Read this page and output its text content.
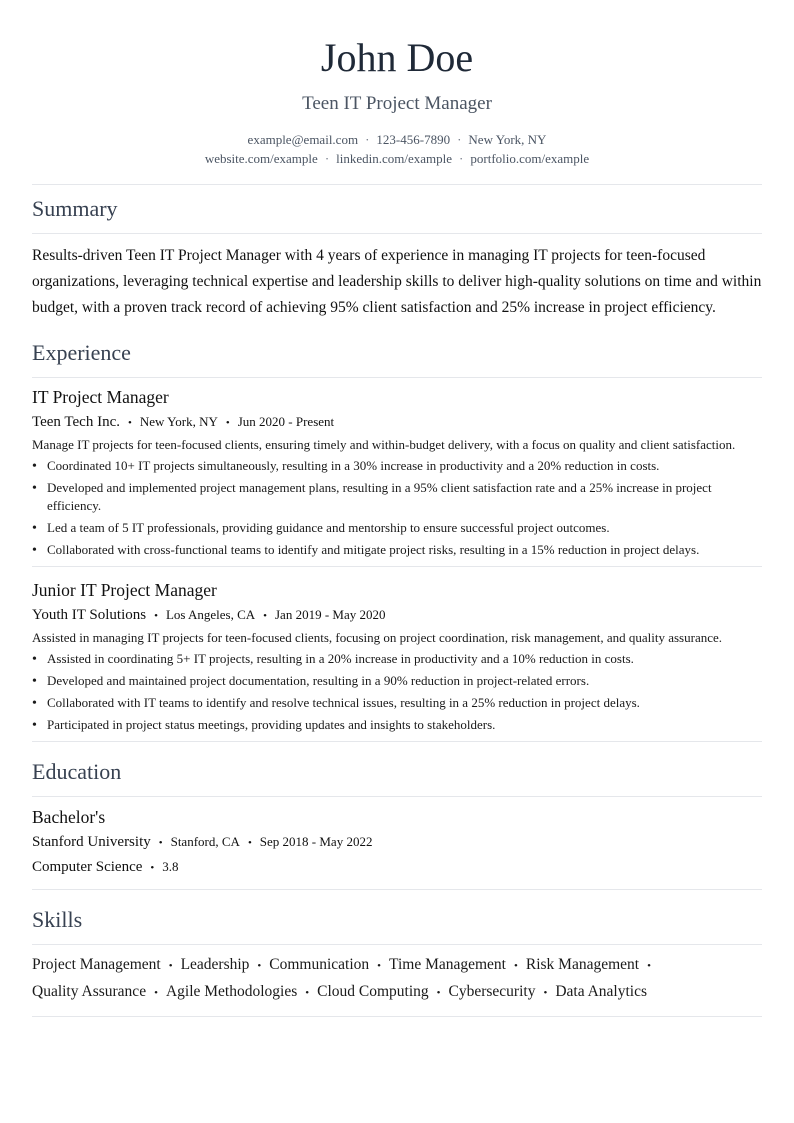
John Doe
Teen IT Project Manager
example@email.com · 123-456-7890 · New York, NY
website.com/example · linkedin.com/example · portfolio.com/example
Summary

Results-driven Teen IT Project Manager with 4 years of experience in managing IT projects for teen-focused organizations, leveraging technical expertise and leadership skills to deliver high-quality solutions on time and within budget, with a proven track record of achieving 95% client satisfaction and 25% increase in project efficiency.

Experience
IT Project Manager
Teen Tech Inc. • New York, NY • Jun 2020 - Present
Manage IT projects for teen-focused clients, ensuring timely and within-budget delivery, with a focus on quality and client satisfaction.
• Coordinated 10+ IT projects simultaneously, resulting in a 30% increase in productivity and a 20% reduction in costs.
• Developed and implemented project management plans, resulting in a 95% client satisfaction rate and a 25% increase in project efficiency.
• Led a team of 5 IT professionals, providing guidance and mentorship to ensure successful project outcomes.
• Collaborated with cross-functional teams to identify and mitigate project risks, resulting in a 15% reduction in project delays.
Junior IT Project Manager
Youth IT Solutions • Los Angeles, CA • Jan 2019 - May 2020
Assisted in managing IT projects for teen-focused clients, focusing on project coordination, risk management, and quality assurance.
• Assisted in coordinating 5+ IT projects, resulting in a 20% increase in productivity and a 10% reduction in costs.
• Developed and maintained project documentation, resulting in a 90% reduction in project-related errors.
• Collaborated with IT teams to identify and resolve technical issues, resulting in a 25% reduction in project delays.
• Participated in project status meetings, providing updates and insights to stakeholders.
Education
Bachelor's
Stanford University • Stanford, CA • Sep 2018 - May 2022
Computer Science • 3.8
Skills
Project Management • Leadership • Communication • Time Management • Risk Management •
Quality Assurance • Agile Methodologies • Cloud Computing • Cybersecurity • Data Analytics
